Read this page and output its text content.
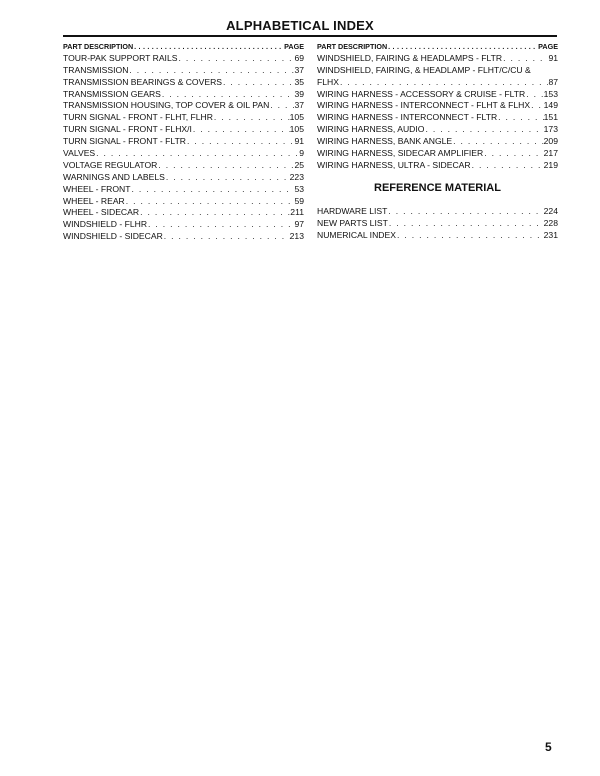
ALPHABETICAL INDEX
PART DESCRIPTION . . .	PAGE
TOUR-PAK SUPPORT RAILS . . .	69
TRANSMISSION . . .	37
TRANSMISSION BEARINGS & COVERS . . .	35
TRANSMISSION GEARS . . .	39
TRANSMISSION HOUSING, TOP COVER & OIL PAN . . .	37
TURN SIGNAL - FRONT - FLHT, FLHR . . .	105
TURN SIGNAL - FRONT - FLHX/I . . .	105
TURN SIGNAL - FRONT - FLTR . . .	91
VALVES . . .	9
VOLTAGE REGULATOR . . .	25
WARNINGS AND LABELS . . .	223
WHEEL - FRONT . . .	53
WHEEL - REAR . . .	59
WHEEL - SIDECAR . . .	211
WINDSHIELD - FLHR . . .	97
WINDSHIELD - SIDECAR . . .	213
PART DESCRIPTION . . .	PAGE
WINDSHIELD, FAIRING & HEADLAMPS - FLTR . . .	91
WINDSHIELD, FAIRING, & HEADLAMP - FLHT/C/CU &
FLHX . . .	87
WIRING HARNESS - ACCESSORY & CRUISE - FLTR . . . 153
WIRING HARNESS - INTERCONNECT - FLHT & FLHX . . . 149
WIRING HARNESS - INTERCONNECT - FLTR . . .	151
WIRING HARNESS, AUDIO . . .	173
WIRING HARNESS, BANK ANGLE . . .	209
WIRING HARNESS, SIDECAR AMPLIFIER . . .	217
WIRING HARNESS, ULTRA - SIDECAR . . .	219
REFERENCE MATERIAL
HARDWARE LIST . . .	224
NEW PARTS LIST . . .	228
NUMERICAL INDEX . . .	231
5
